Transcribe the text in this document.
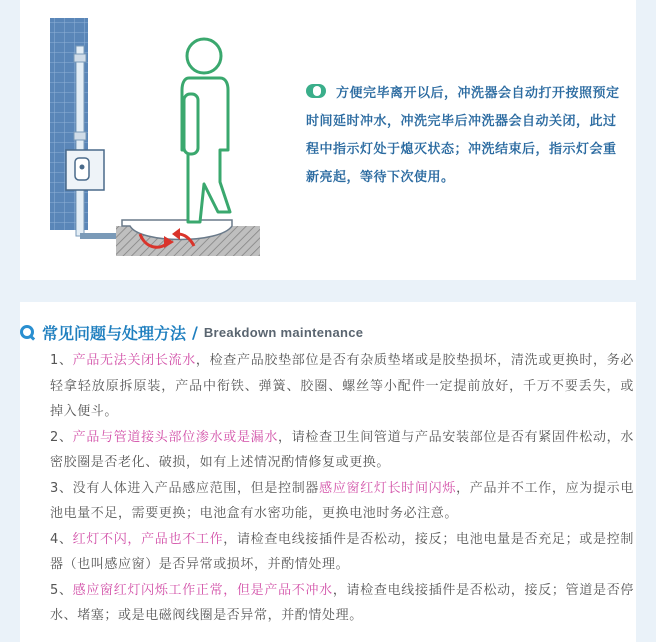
方便完毕离开以后，冲洗器会自动打开按照预定时间延时冲水，冲洗完毕后冲洗器会自动关闭，此过程中指示灯处于熄灭状态；冲洗结束后，指示灯会重新亮起，等待下次使用。
常见问题与处理方法 / Breakdown maintenance

1、产品无法关闭长流水，检查产品胶垫部位是否有杂质垫堵或是胶垫损坏，清洗或更换时，务必轻拿轻放原拆原装，产品中衔铁、弹簧、胶圈、螺丝等小配件一定提前放好，千万不要丢失，或掉入便斗。

2、产品与管道接头部位渗水或是漏水，请检查卫生间管道与产品安装部位是否有紧固件松动，水密胶圈是否老化、破损，如有上述情况酌情修复或更换。

3、没有人体进入产品感应范围，但是控制器感应窗红灯长时间闪烁，产品并不工作，应为提示电池电量不足，需要更换；电池盒有水密功能，更换电池时务必注意。

4、红灯不闪，产品也不工作，请检查电线接插件是否松动，接反；电池电量是否充足；或是控制器（也叫感应窗）是否异常或损坏，并酌情处理。

5、感应窗红灯闪烁工作正常，但是产品不冲水，请检查电线接插件是否松动，接反；管道是否停水、堵塞；或是电磁阀线圈是否异常，并酌情处理。
